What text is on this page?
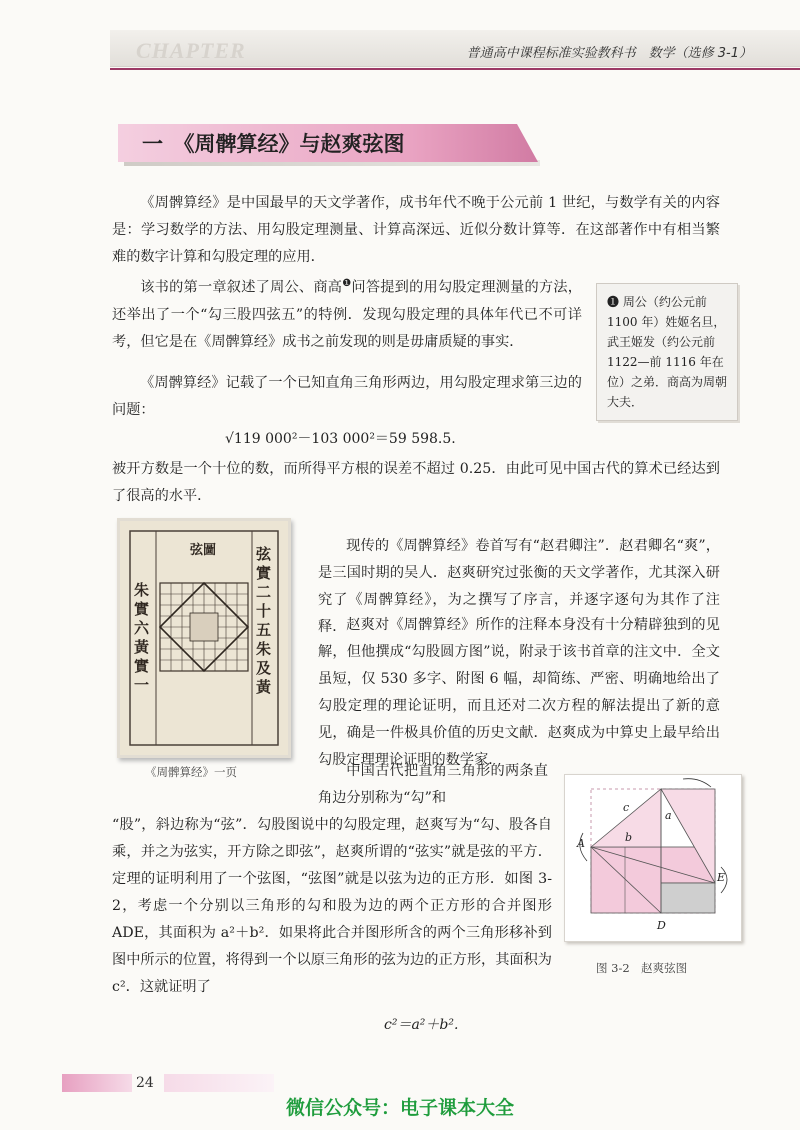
CHAPTER	普通高中课程标准实验教科书　数学（选修 3-1）
一　《周髀算经》与赵爽弦图

《周髀算经》是中国最早的天文学著作，成书年代不晚于公元前 1 世纪，与数学有关的内容是：学习数学的方法、用勾股定理测量、计算高深远、近似分数计算等．在这部著作中有相当繁难的数字计算和勾股定理的应用．

该书的第一章叙述了周公、商高$^❶$问答提到的用勾股定理测量的方法，还举出了一个“勾三股四弦五”的特例．发现勾股定理的具体年代已不可详考，但它是在《周髀算经》成书之前发现的则是毋庸质疑的事实．

《周髀算经》记载了一个已知直角三角形两边，用勾股定理求第三边的问题：

√119 000²－103 000²＝59 598.5.

被开方数是一个十位的数，而所得平方根的误差不超过 0.25．由此可见中国古代的算术已经达到了很高的水平．

❶ 周公（约公元前 1100 年）姓姬名旦，武王姬发（约公元前 1122—前 1116 年在位）之弟．商高为周朝大夫．
弦圖
朱實六黃實一
弦實二十五朱及黃
《周髀算经》一页

现传的《周髀算经》卷首写有“赵君卿注”．赵君卿名“爽”，是三国时期的吴人．赵爽研究过张衡的天文学著作，尤其深入研究了《周髀算经》，为之撰写了序言，并逐字逐句为其作了注释． 赵爽对《周髀算经》所作的注释本身没有十分精辟独到的见解，但他撰成“勾股圆方图”说，附录于该书首章的注文中．全文虽短，仅 530 多字、附图 6 幅，却简练、严密、明确地给出了勾股定理的理论证明，而且还对二次方程的解法提出了新的意见，确是一件极具价值的历史文献．赵爽成为中算史上最早给出勾股定理理论证明的数学家．

中国古代把直角三角形的两条直角边分别称为“勾”和

“股”，斜边称为“弦”．勾股图说中的勾股定理，赵爽写为“勾、股各自乘，并之为弦实，开方除之即弦”，赵爽所谓的“弦实”就是弦的平方．定理的证明利用了一个弦图，“弦图”就是以弦为边的正方形．如图 3-2，考虑一个分别以三角形的勾和股为边的两个正方形的合并图形 ADE，其面积为 a²＋b²．如果将此合并图形所含的两个三角形移补到图中所示的位置，将得到一个以原三角形的弦为边的正方形，其面积为 c²．这就证明了

c²＝a²＋b².
c
a
b
A
D
E
图 3-2　赵爽弦图
24
微信公众号：电子课本大全
